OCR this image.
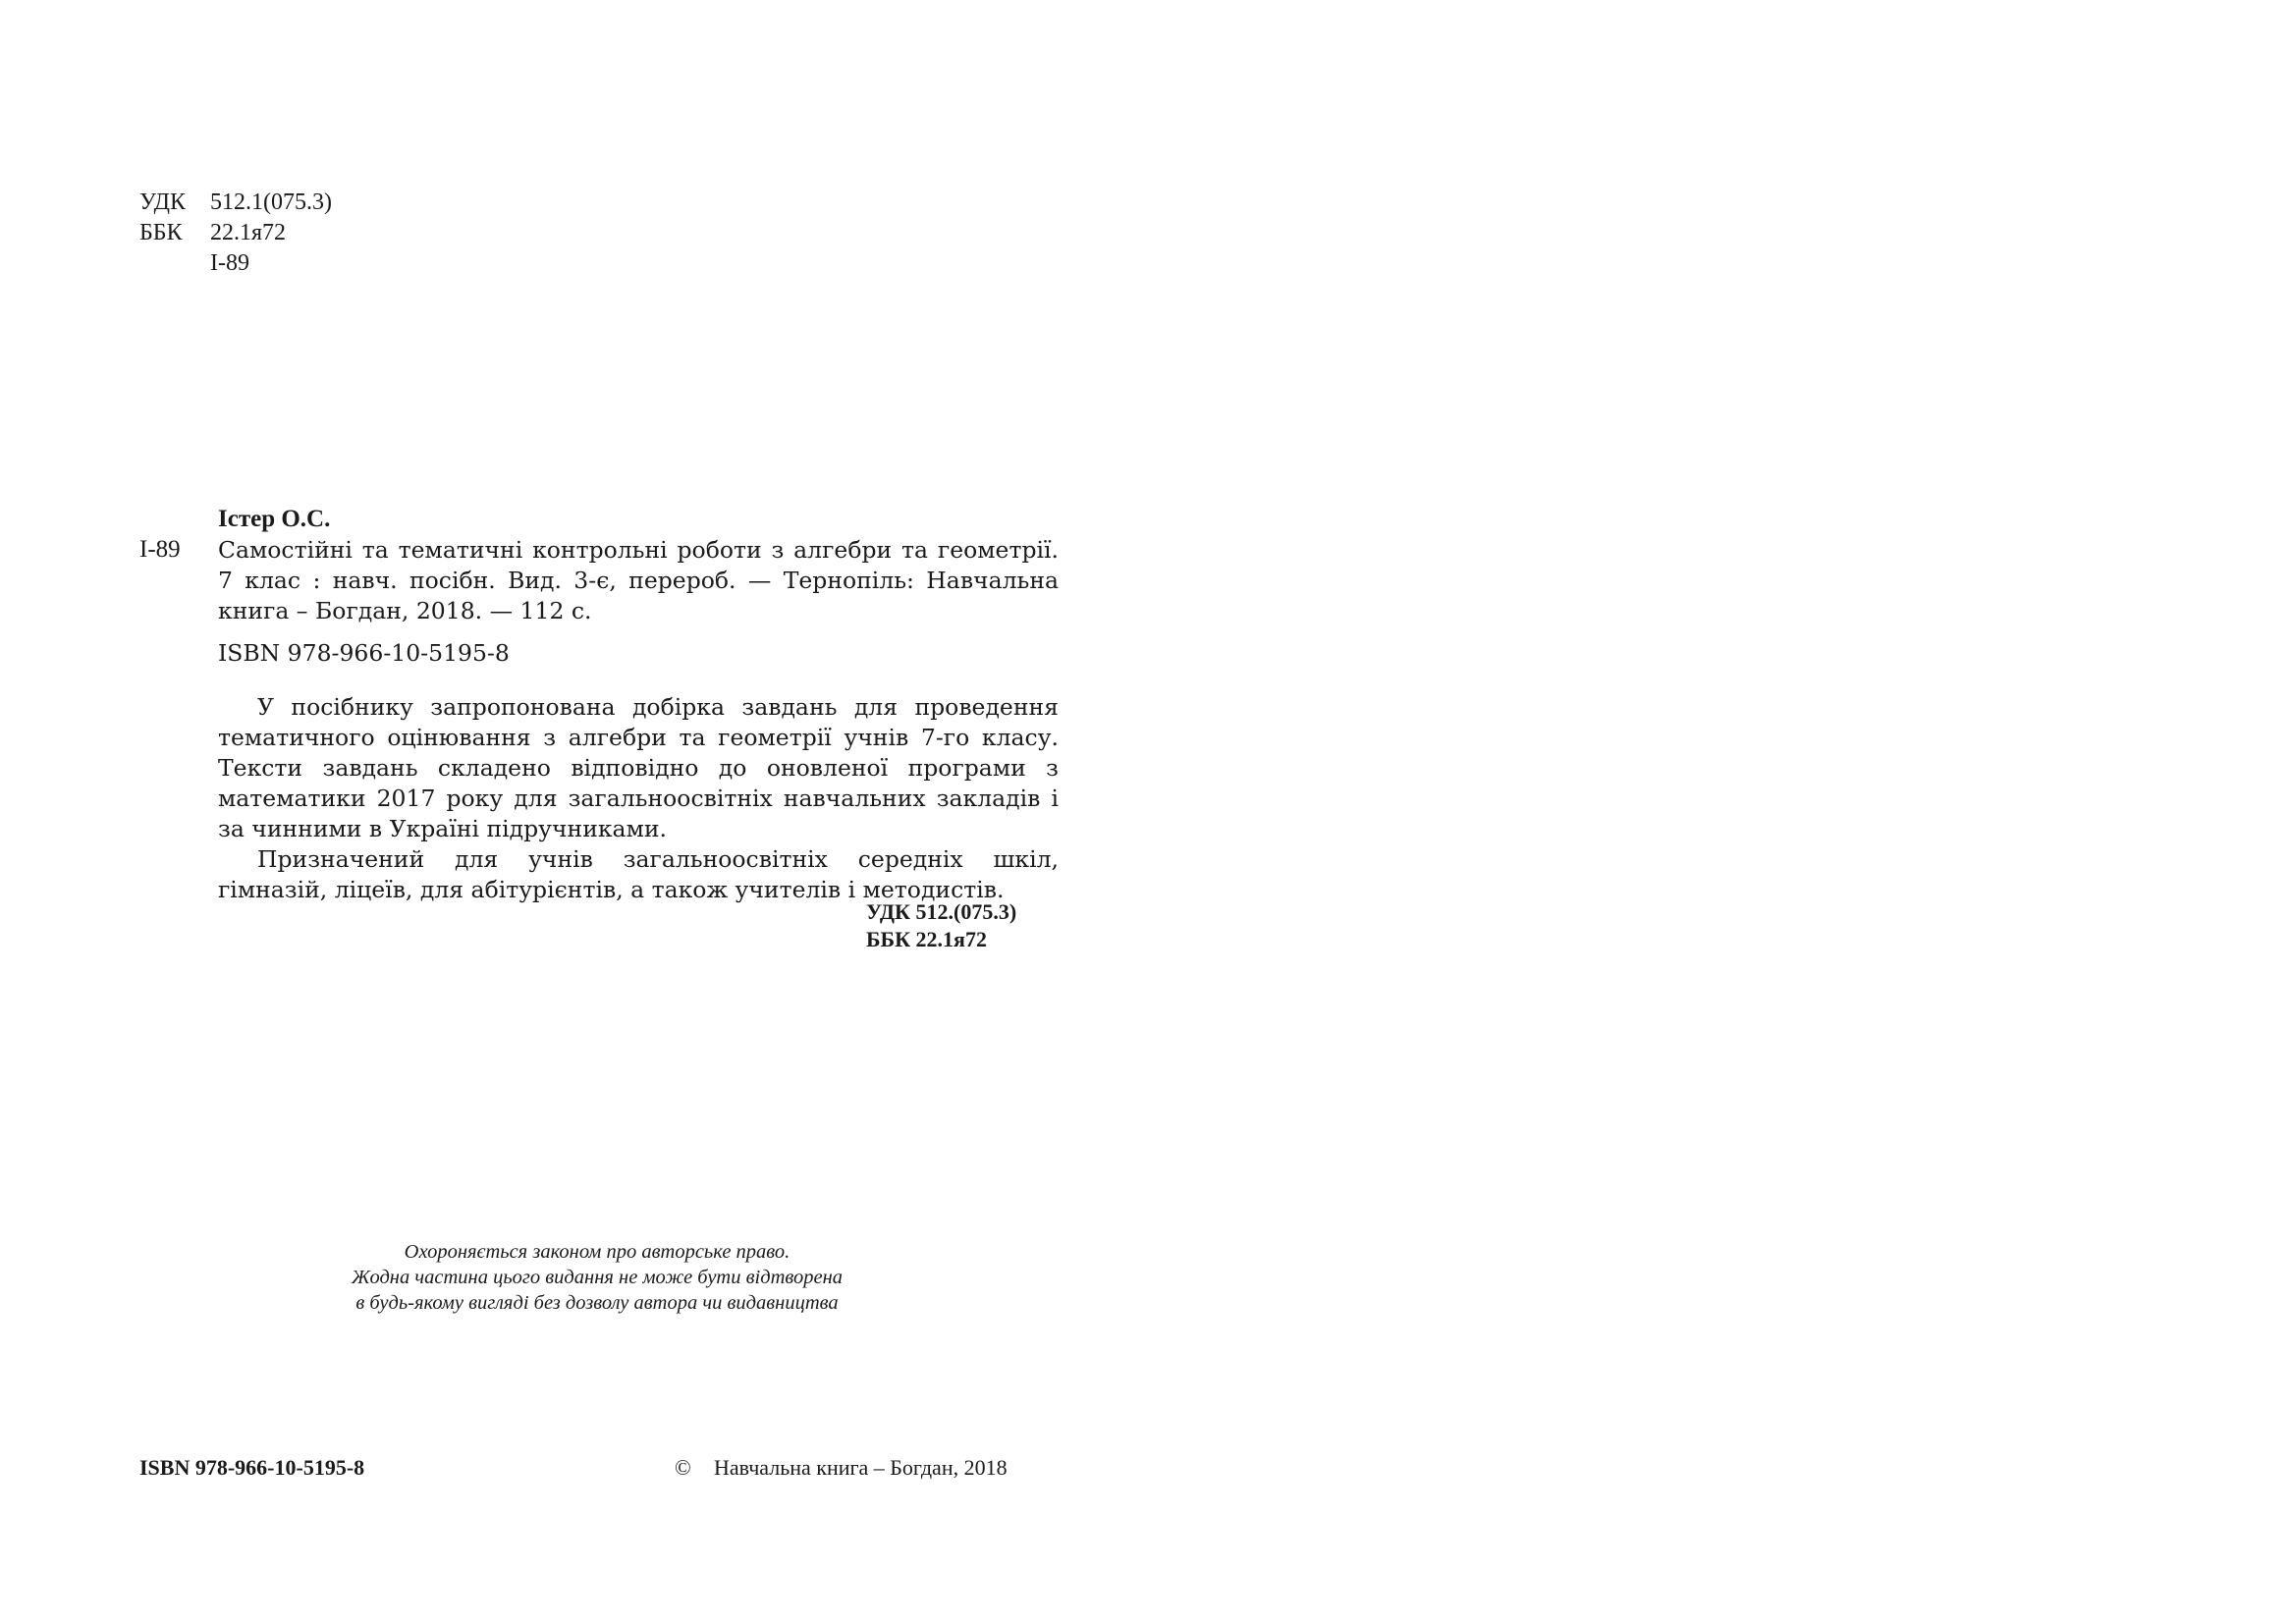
УДК 512.1(075.3)
ББК 22.1я72
І-89
Істер О.С.
І-89 Самостійні та тематичні контрольні роботи з алгебри та геометрії.
7 клас : навч. посібн. Вид. 3-є, перероб. — Тернопіль: Навчальна
книга – Богдан, 2018. — 112 с.
ISBN 978-966-10-5195-8

У посібнику запропонована добірка завдань для проведення тематичного оцінювання з алгебри та геометрії учнів 7-го класу. Тексти завдань складено відповідно до оновленої програми з математики 2017 року для загальноосвітніх навчальних закладів і за чинними в Україні підручниками.

Призначений для учнів загальноосвітніх середніх шкіл, гімназій, ліцеїв, для абітурієнтів, а також учителів і методистів.

УДК 512.(075.3)
ББК 22.1я72
Охороняється законом про авторське право.
Жодна частина цього видання не може бути відтворена
в будь-якому вигляді без дозволу автора чи видавництва
ISBN 978-966-10-5195-8	© Навчальна книга – Богдан, 2018
